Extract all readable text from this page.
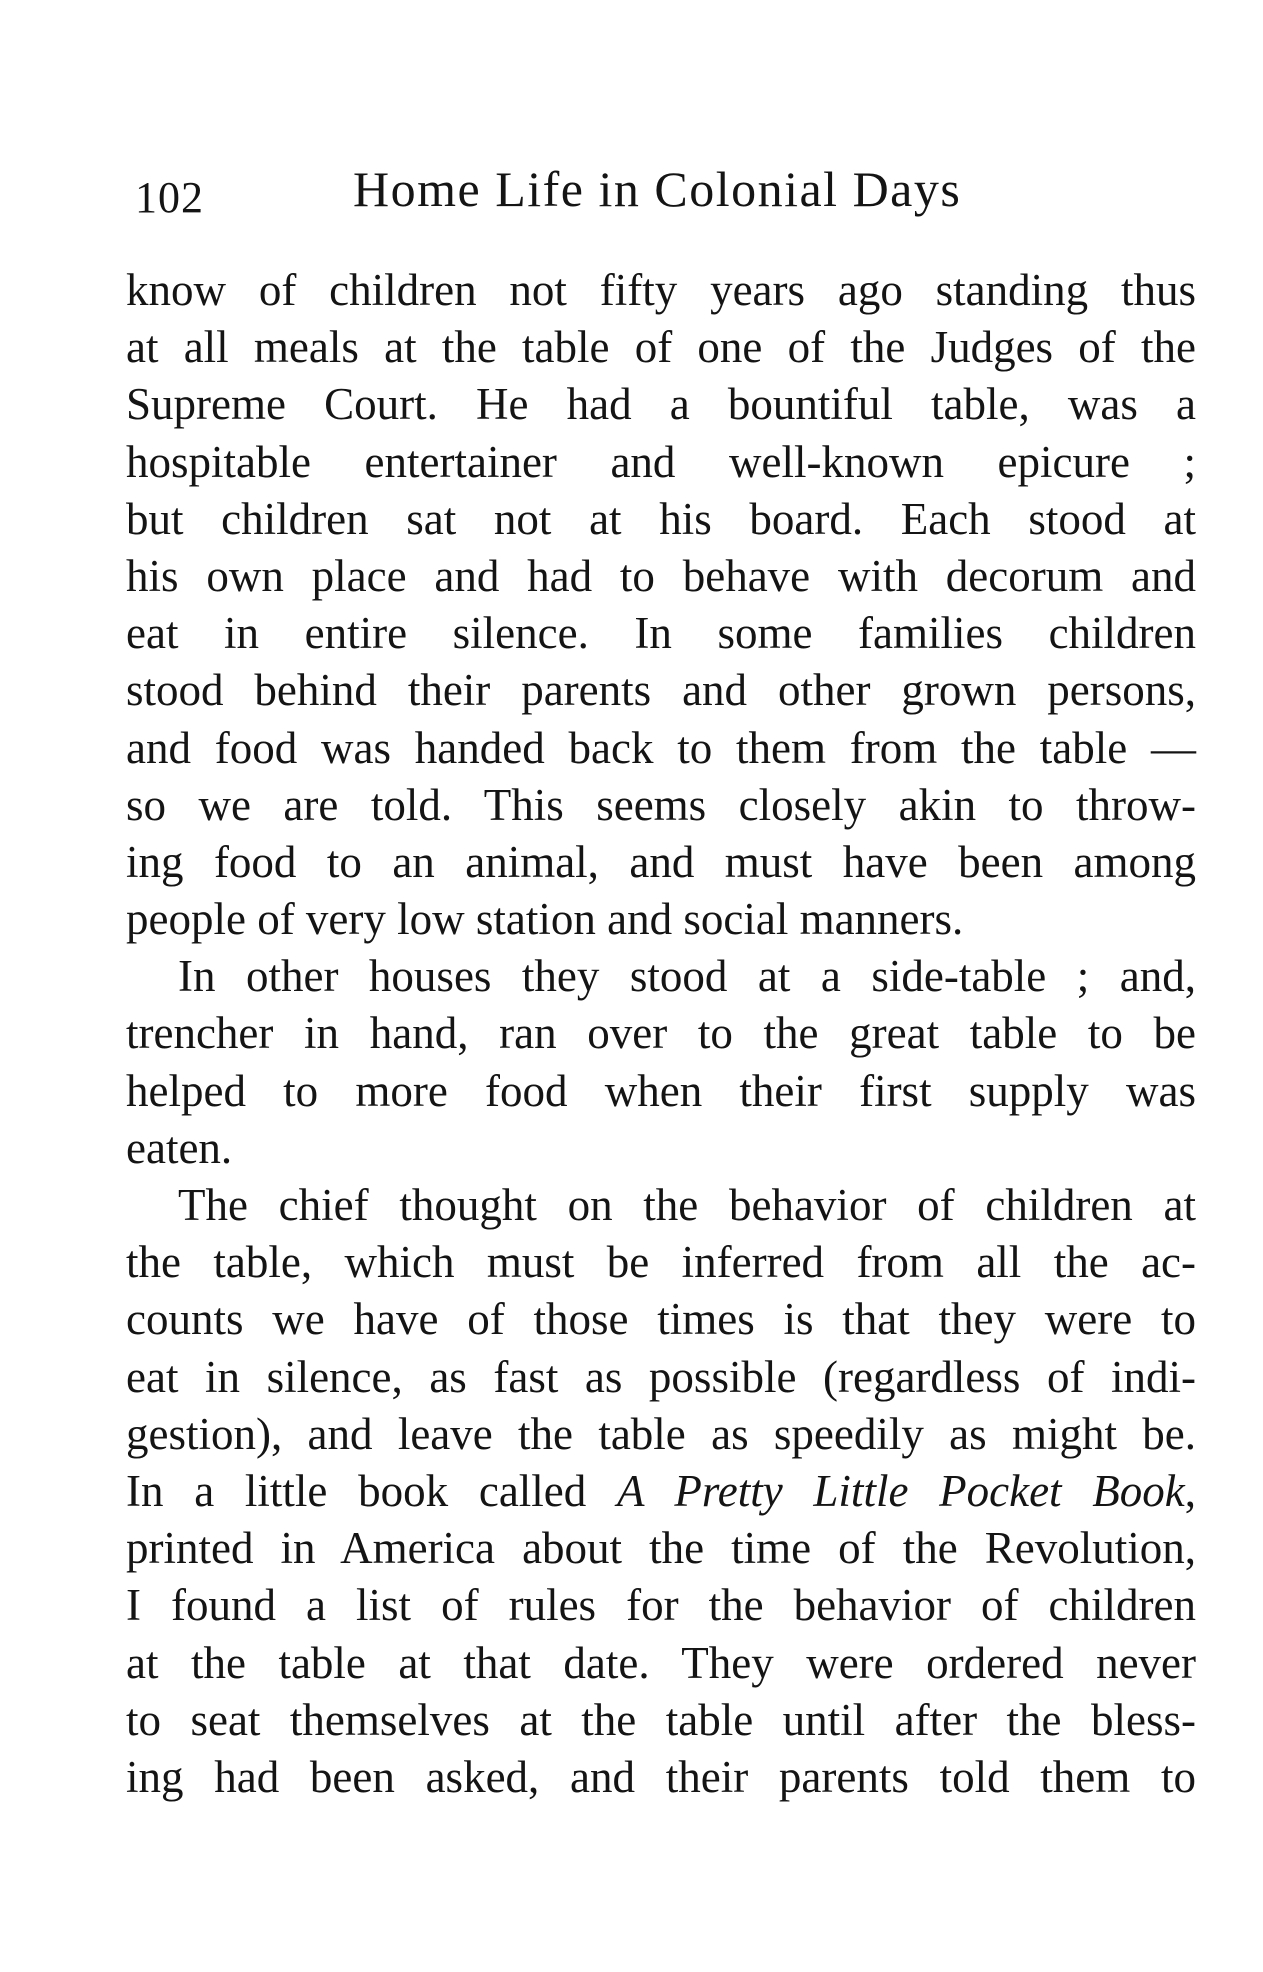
102	Home Life in Colonial Days
know of children not fifty years ago standing thus
at all meals at the table of one of the Judges of the
Supreme Court. He had a bountiful table, was a
hospitable entertainer and well-known epicure ;
but children sat not at his board. Each stood at
his own place and had to behave with decorum and
eat in entire silence. In some families children
stood behind their parents and other grown persons,
and food was handed back to them from the table —
so we are told. This seems closely akin to throw-
ing food to an animal, and must have been among
people of very low station and social manners.
In other houses they stood at a side-table ; and,
trencher in hand, ran over to the great table to be
helped to more food when their first supply was
eaten.
The chief thought on the behavior of children at
the table, which must be inferred from all the ac-
counts we have of those times is that they were to
eat in silence, as fast as possible (regardless of indi-
gestion), and leave the table as speedily as might be.
In a little book called A Pretty Little Pocket Book,
printed in America about the time of the Revolution,
I found a list of rules for the behavior of children
at the table at that date. They were ordered never
to seat themselves at the table until after the bless-
ing had been asked, and their parents told them to
